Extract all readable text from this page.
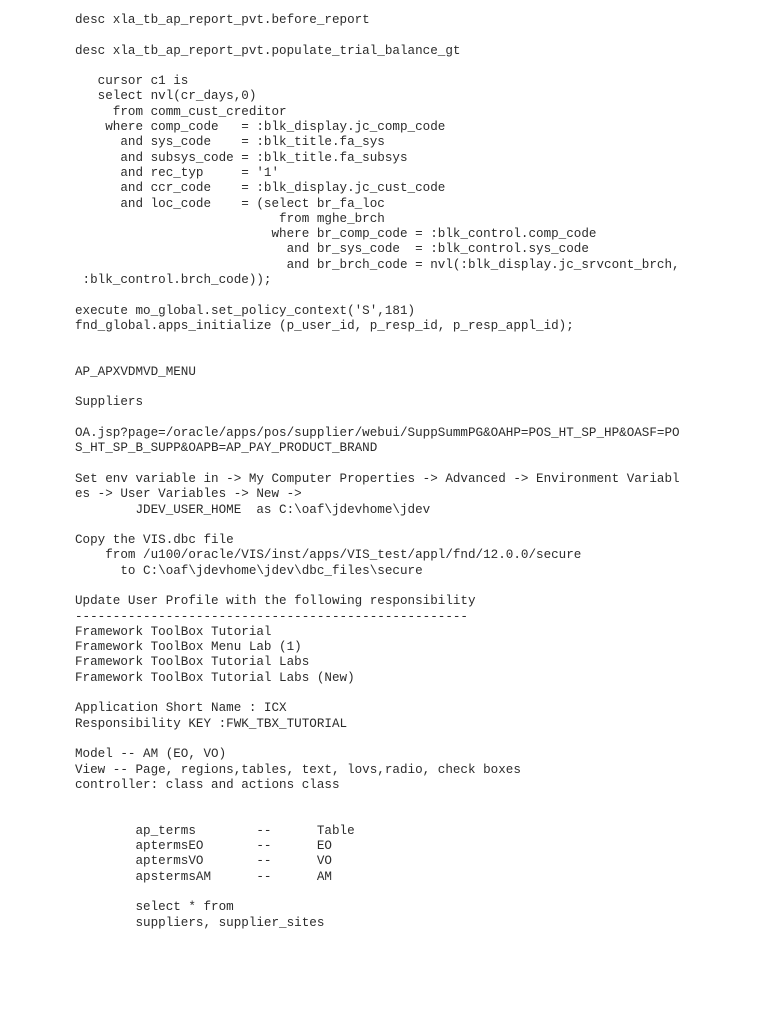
desc xla_tb_ap_report_pvt.before_report

desc xla_tb_ap_report_pvt.populate_trial_balance_gt

cursor c1 is
select nvl(cr_days,0)
from comm_cust_creditor
where comp_code   = :blk_display.jc_comp_code
and sys_code    = :blk_title.fa_sys
and subsys_code = :blk_title.fa_subsys
and rec_typ     = '1'
and ccr_code    = :blk_display.jc_cust_code
and loc_code    = (select br_fa_loc
from mghe_brch
where br_comp_code = :blk_control.comp_code
and br_sys_code  = :blk_control.sys_code
and br_brch_code = nvl(:blk_display.jc_srvcont_brch,
:blk_control.brch_code));

execute mo_global.set_policy_context('S',181)
fnd_global.apps_initialize (p_user_id, p_resp_id, p_resp_appl_id);

AP_APXVDMVD_MENU

Suppliers

OA.jsp?page=/oracle/apps/pos/supplier/webui/SuppSummPG&OAHP=POS_HT_SP_HP&OASF=PO
S_HT_SP_B_SUPP&OAPB=AP_PAY_PRODUCT_BRAND

Set env variable in -> My Computer Properties -> Advanced -> Environment Variabl
es -> User Variables -> New ->
JDEV_USER_HOME  as C:\oaf\jdevhome\jdev

Copy the VIS.dbc file
from /u100/oracle/VIS/inst/apps/VIS_test/appl/fnd/12.0.0/secure
to C:\oaf\jdevhome\jdev\dbc_files\secure

Update User Profile with the following responsibility
----------------------------------------------------
Framework ToolBox Tutorial
Framework ToolBox Menu Lab (1)
Framework ToolBox Tutorial Labs
Framework ToolBox Tutorial Labs (New)

Application Short Name : ICX
Responsibility KEY :FWK_TBX_TUTORIAL

Model -- AM (EO, VO)
View -- Page, regions,tables, text, lovs,radio, check boxes
controller: class and actions class

ap_terms        --      Table
aptermsEO       --      EO
aptermsVO       --      VO
apstermsAM      --      AM

select * from
suppliers, supplier_sites
